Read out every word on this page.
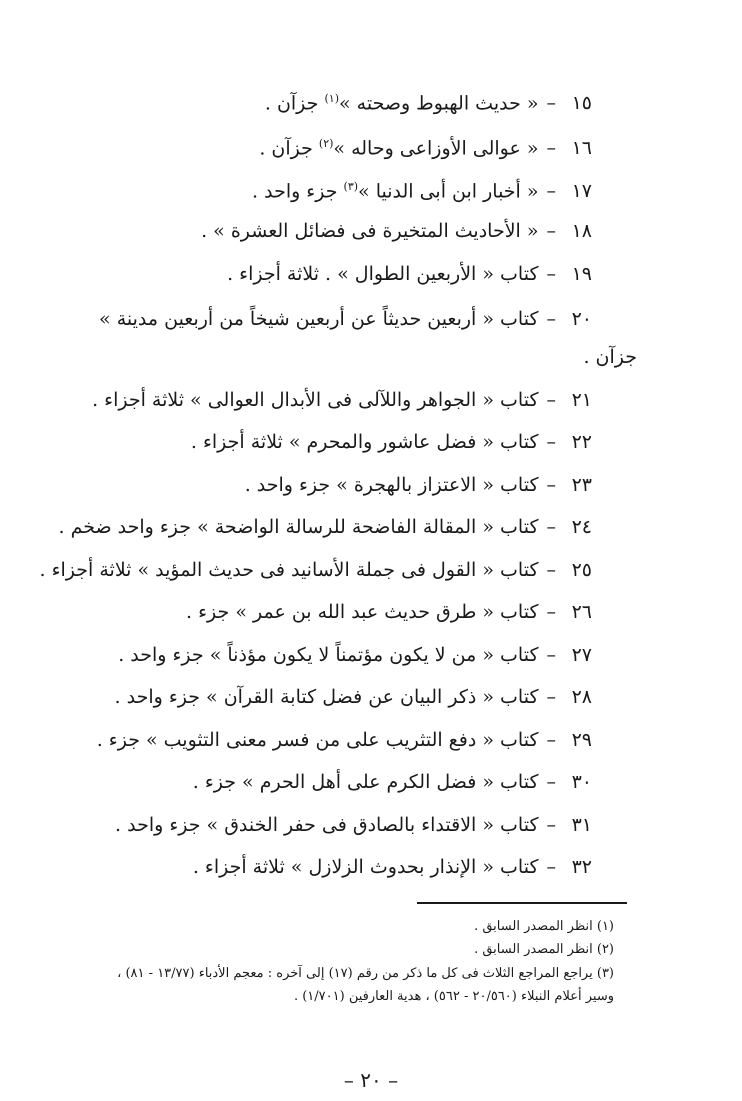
١٥–« حديث الهبوط وصحته »$^{(١)}$ جزآن .
١٦–« عوالى الأوزاعى وحاله »$^{(٢)}$ جزآن .
١٧–« أخبار ابن أبى الدنيا »$^{(٣)}$ جزء واحد .
١٨–« الأحاديث المتخيرة فى فضائل العشرة » .
١٩–كتاب « الأربعين الطوال » . ثلاثة أجزاء .
٢٠–كتاب « أربعين حديثاً عن أربعين شيخاً من أربعين مدينة »
جزآن .
٢١–كتاب « الجواهر واللآلى فى الأبدال العوالى » ثلاثة أجزاء .
٢٢–كتاب « فضل عاشور والمحرم » ثلاثة أجزاء .
٢٣–كتاب « الاعتزاز بالهجرة » جزء واحد .
٢٤–كتاب « المقالة الفاضحة للرسالة الواضحة » جزء واحد ضخم .
٢٥–كتاب « القول فى جملة الأسانيد فى حديث المؤيد » ثلاثة أجزاء .
٢٦–كتاب « طرق حديث عبد الله بن عمر » جزء .
٢٧–كتاب « من لا يكون مؤتمناً لا يكون مؤذناً » جزء واحد .
٢٨–كتاب « ذكر البيان عن فضل كتابة القرآن » جزء واحد .
٢٩–كتاب « دفع التثريب على من فسر معنى التثويب » جزء .
٣٠–كتاب « فضل الكرم على أهل الحرم » جزء .
٣١–كتاب « الاقتداء بالصادق فى حفر الخندق » جزء واحد .
٣٢–كتاب « الإنذار بحدوث الزلازل » ثلاثة أجزاء .
(١) انظر المصدر السابق .
(٢) انظر المصدر السابق .
(٣) يراجع المراجع الثلاث فى كل ما ذكر من رقم (١٧) إلى آخره : معجم الأدباء (١٣/٧٧ - ٨١) ،
وسير أعلام النبلاء (٢٠/٥٦٠ - ٥٦٢) ، هدية العارفين (١/٧٠١) .
– ٢٠ –
